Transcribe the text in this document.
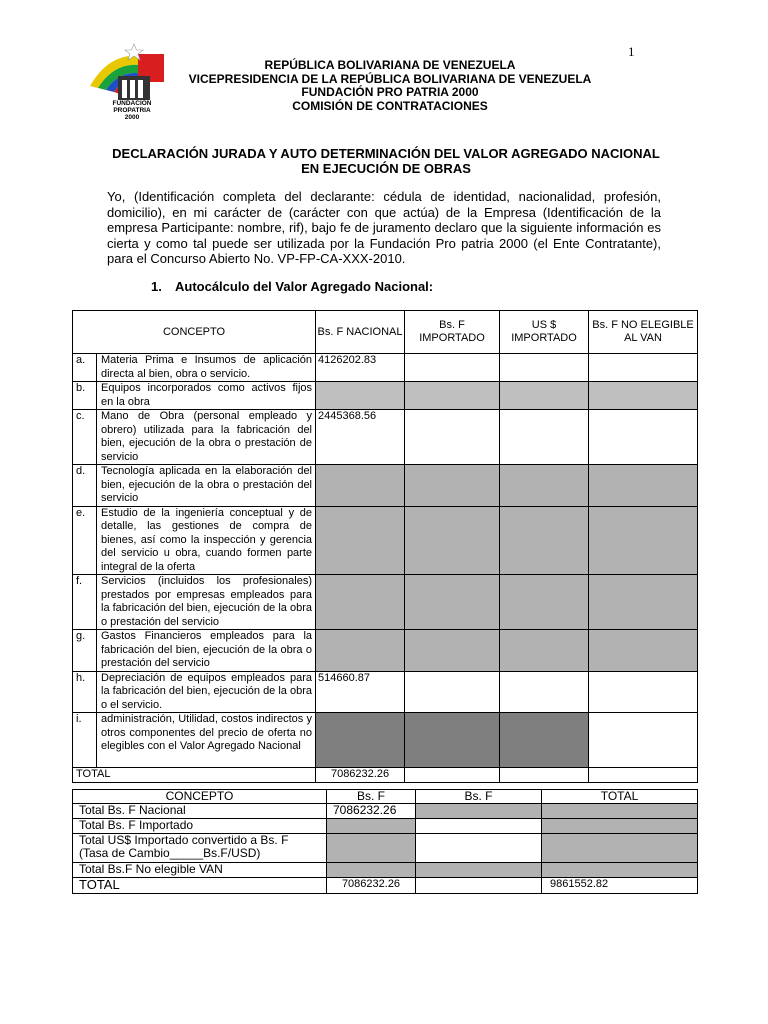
1
FUNDACIÓN
PROPATRIA
2000
REPÚBLICA BOLIVARIANA DE VENEZUELA
VICEPRESIDENCIA DE LA REPÚBLICA BOLIVARIANA DE VENEZUELA
FUNDACIÓN PRO PATRIA 2000
COMISIÓN DE CONTRATACIONES
DECLARACIÓN JURADA Y AUTO DETERMINACIÓN DEL VALOR AGREGADO NACIONAL
EN EJECUCIÓN DE OBRAS
Yo, (Identificación completa del declarante: cédula de identidad, nacionalidad, profesión, domicilio), en mi carácter de (carácter con que actúa) de la Empresa (Identificación de la empresa Participante: nombre, rif), bajo fe de juramento declaro que la siguiente información es cierta y como tal puede ser utilizada por la Fundación Pro patria 2000 (el Ente Contratante), para el Concurso Abierto No. VP-FP-CA-XXX-2010.
1. Autocálculo del Valor Agregado Nacional:
CONCEPTO		Bs. F NACIONAL	Bs. F IMPORTADO	US $ IMPORTADO	Bs. F NO ELEGIBLE AL VAN
a.	Materia Prima e Insumos de aplicación directa al bien, obra o servicio.	4126202.83			
b.	Equipos incorporados como activos fijos en la obra				
c.	Mano de Obra (personal empleado y obrero) utilizada para la fabricación del bien, ejecución de la obra o prestación de servicio	2445368.56			
d.	Tecnología aplicada en la elaboración del bien, ejecución de la obra o prestación del servicio				
e.	Estudio de la ingeniería conceptual y de detalle, las gestiones de compra de bienes, así como la inspección y gerencia del servicio u obra, cuando formen parte integral de la oferta				
f.	Servicios (incluidos los profesionales) prestados por empresas empleados para la fabricación del bien, ejecución de la obra o prestación del servicio				
g.	Gastos Financieros empleados para la fabricación del bien, ejecución de la obra o prestación del servicio				
h.	Depreciación de equipos empleados para la fabricación del bien, ejecución de la obra o el servicio.	514660.87			
i.	administración, Utilidad, costos indirectos y otros componentes del precio de oferta no elegibles con el Valor Agregado Nacional				
TOTAL		7086232.26			
CONCEPTO	Bs. F	Bs. F	TOTAL
Total Bs. F Nacional	7086232.26		
Total Bs. F Importado			

Total US$ Importado convertido a Bs. F
(Tasa de Cambio_____Bs.F/USD)			

Total Bs.F No elegible VAN			
TOTAL	7086232.26		9861552.82
